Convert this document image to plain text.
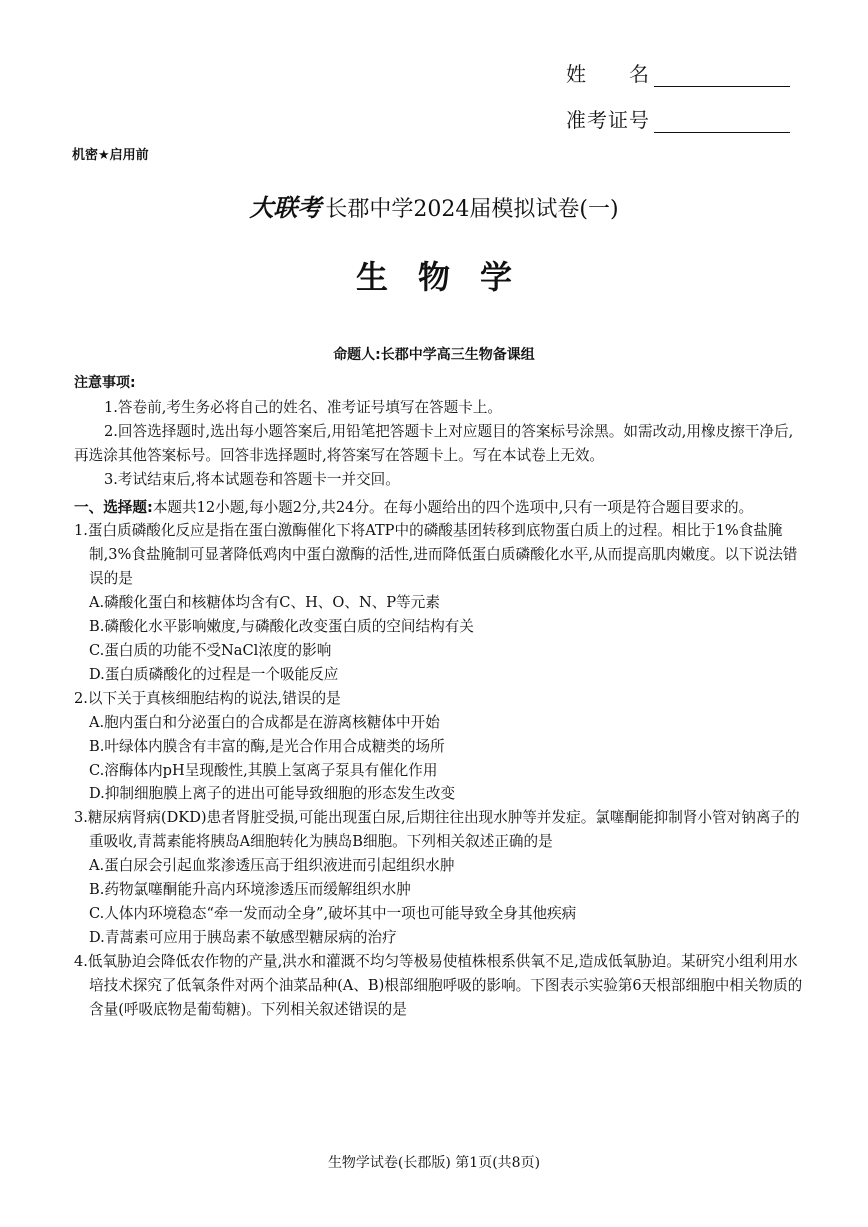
姓　　名
准考证号
机密★启用前
大联考 长郡中学2024届模拟试卷(一)
生物学
命题人:长郡中学高三生物备课组
注意事项:

1.答卷前,考生务必将自己的姓名、准考证号填写在答题卡上。

2.回答选择题时,选出每小题答案后,用铅笔把答题卡上对应题目的答案标号涂黑。如需改动,用橡皮擦干净后,再选涂其他答案标号。回答非选择题时,将答案写在答题卡上。写在本试卷上无效。

3.考试结束后,将本试题卷和答题卡一并交回。

一、选择题:本题共12小题,每小题2分,共24分。在每小题给出的四个选项中,只有一项是符合题目要求的。

1.蛋白质磷酸化反应是指在蛋白激酶催化下将ATP中的磷酸基团转移到底物蛋白质上的过程。相比于1%食盐腌制,3%食盐腌制可显著降低鸡肉中蛋白激酶的活性,进而降低蛋白质磷酸化水平,从而提高肌肉嫩度。以下说法错误的是

A.磷酸化蛋白和核糖体均含有C、H、O、N、P等元素

B.磷酸化水平影响嫩度,与磷酸化改变蛋白质的空间结构有关

C.蛋白质的功能不受NaCl浓度的影响

D.蛋白质磷酸化的过程是一个吸能反应

2.以下关于真核细胞结构的说法,错误的是

A.胞内蛋白和分泌蛋白的合成都是在游离核糖体中开始

B.叶绿体内膜含有丰富的酶,是光合作用合成糖类的场所

C.溶酶体内pH呈现酸性,其膜上氢离子泵具有催化作用

D.抑制细胞膜上离子的进出可能导致细胞的形态发生改变

3.糖尿病肾病(DKD)患者肾脏受损,可能出现蛋白尿,后期往往出现水肿等并发症。氯噻酮能抑制肾小管对钠离子的重吸收,青蒿素能将胰岛A细胞转化为胰岛B细胞。下列相关叙述正确的是

A.蛋白尿会引起血浆渗透压高于组织液进而引起组织水肿

B.药物氯噻酮能升高内环境渗透压而缓解组织水肿

C.人体内环境稳态“牵一发而动全身”,破坏其中一项也可能导致全身其他疾病

D.青蒿素可应用于胰岛素不敏感型糖尿病的治疗

4.低氧胁迫会降低农作物的产量,洪水和灌溉不均匀等极易使植株根系供氧不足,造成低氧胁迫。某研究小组利用水培技术探究了低氧条件对两个油菜品种(A、B)根部细胞呼吸的影响。下图表示实验第6天根部细胞中相关物质的含量(呼吸底物是葡萄糖)。下列相关叙述错误的是

生物学试卷(长郡版) 第1页(共8页)
